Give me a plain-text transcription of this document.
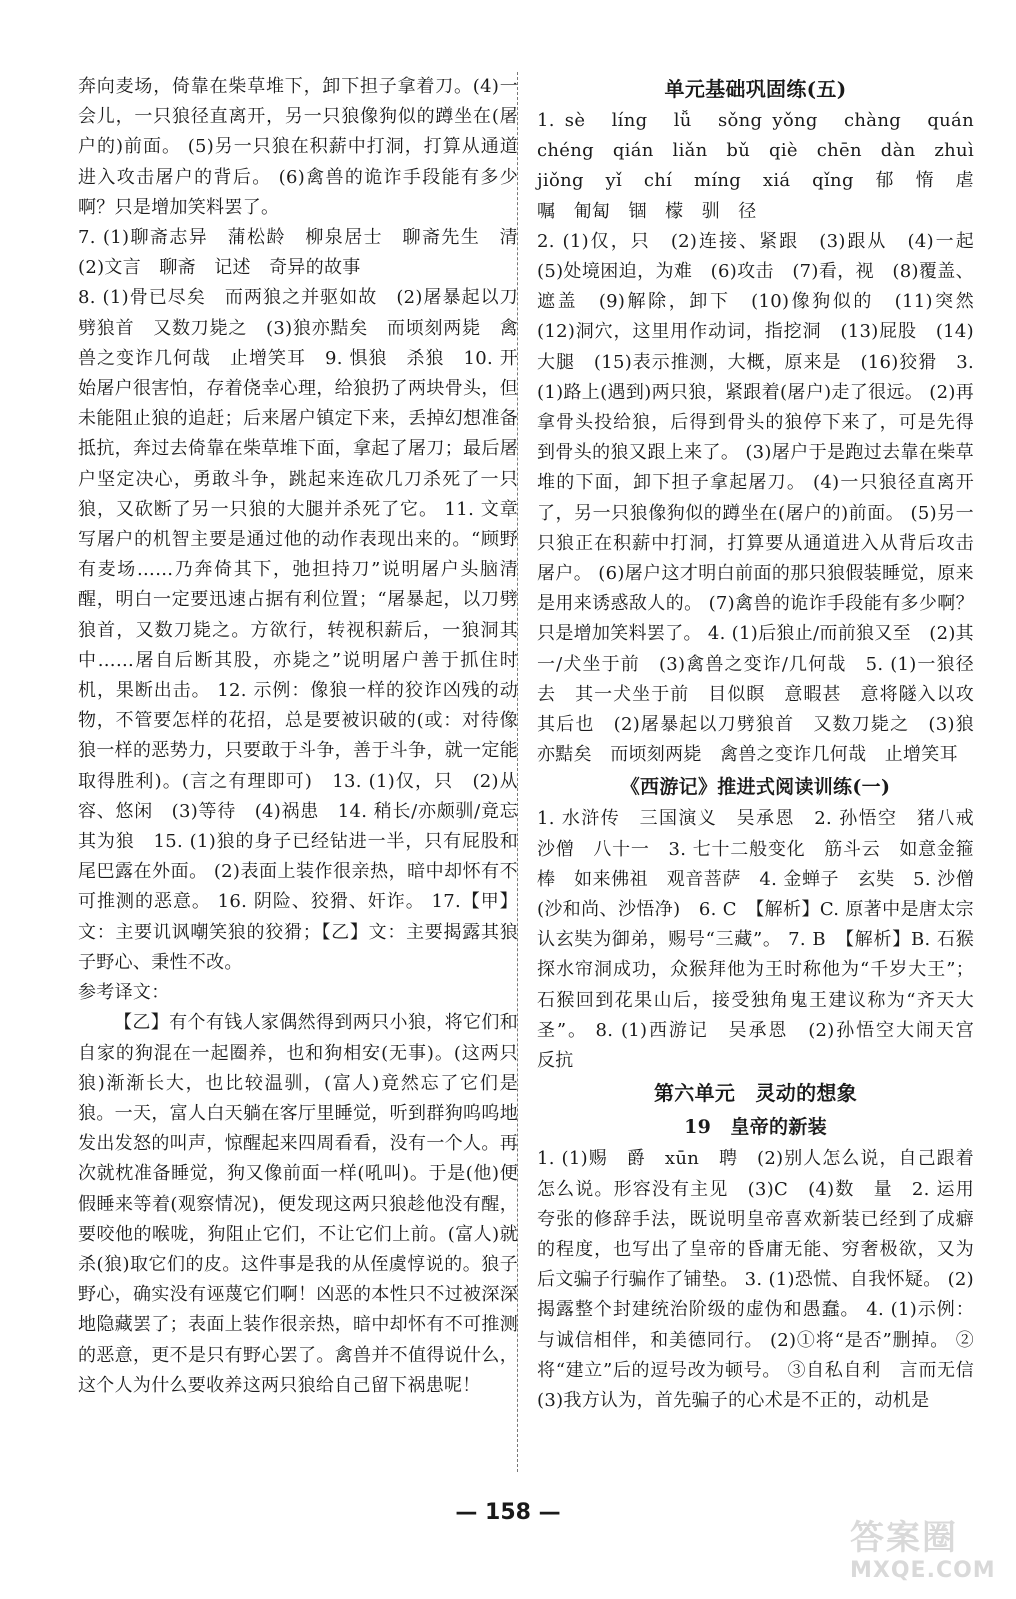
奔向麦场，倚靠在柴草堆下，卸下担子拿着刀。(4)一会儿，一只狼径直离开，另一只狼像狗似的蹲坐在(屠户的)前面。 (5)另一只狼在积薪中打洞，打算从通道进入攻击屠户的背后。 (6)禽兽的诡诈手段能有多少啊？只是增加笑料罢了。

7. (1)聊斋志异　蒲松龄　柳泉居士　聊斋先生　清　(2)文言　聊斋　记述　奇异的故事

8. (1)骨已尽矣　而两狼之并驱如故　(2)屠暴起以刀劈狼首　又数刀毙之　(3)狼亦黠矣　而顷刻两毙　禽兽之变诈几何哉　止增笑耳　9. 惧狼　杀狼　10. 开始屠户很害怕，存着侥幸心理，给狼扔了两块骨头，但未能阻止狼的追赶；后来屠户镇定下来，丢掉幻想准备抵抗，奔过去倚靠在柴草堆下面，拿起了屠刀；最后屠户坚定决心，勇敢斗争，跳起来连砍几刀杀死了一只狼，又砍断了另一只狼的大腿并杀死了它。 11. 文章写屠户的机智主要是通过他的动作表现出来的。“顾野有麦场……乃奔倚其下，弛担持刀”说明屠户头脑清醒，明白一定要迅速占据有利位置；“屠暴起，以刀劈狼首，又数刀毙之。方欲行，转视积薪后，一狼洞其中……屠自后断其股，亦毙之”说明屠户善于抓住时机，果断出击。 12. 示例：像狼一样的狡诈凶残的动物，不管要怎样的花招，总是要被识破的(或：对待像狼一样的恶势力，只要敢于斗争，善于斗争，就一定能取得胜利)。(言之有理即可)　13. (1)仅，只　(2)从容、悠闲　(3)等待　(4)祸患　14. 稍长/亦颇驯/竟忘其为狼　15. (1)狼的身子已经钻进一半，只有屁股和尾巴露在外面。 (2)表面上装作很亲热，暗中却怀有不可推测的恶意。 16. 阴险、狡猾、奸诈。 17.【甲】文：主要讥讽嘲笑狼的狡猾；【乙】文：主要揭露其狼子野心、秉性不改。

参考译文：

【乙】有个有钱人家偶然得到两只小狼，将它们和自家的狗混在一起圈养，也和狗相安(无事)。(这两只狼)渐渐长大，也比较温驯，(富人)竟然忘了它们是狼。一天，富人白天躺在客厅里睡觉，听到群狗呜呜地发出发怒的叫声，惊醒起来四周看看，没有一个人。再次就枕准备睡觉，狗又像前面一样(吼叫)。于是(他)便假睡来等着(观察情况)，便发现这两只狼趁他没有醒，要咬他的喉咙，狗阻止它们，不让它们上前。(富人)就杀(狼)取它们的皮。这件事是我的从侄虞惇说的。狼子野心，确实没有诬蔑它们啊！凶恶的本性只不过被深深地隐藏罢了；表面上装作很亲热，暗中却怀有不可推测的恶意，更不是只有野心罢了。禽兽并不值得说什么，这个人为什么要收养这两只狼给自己留下祸患呢！

单元基础巩固练(五)

1. sè　líng　lǚ　sǒng yǒng　chàng　quán　chéng　qián　liǎn　bǔ　qiè　chēn　dàn　zhuì　jiǒng　yǐ　chí　míng　xiá　qǐng　郁　惰　虐　嘱　匍匐　锢　檬　驯　径

2. (1)仅，只　(2)连接、紧跟　(3)跟从　(4)一起　(5)处境困迫，为难　(6)攻击　(7)看，视　(8)覆盖、遮盖　(9)解除，卸下　(10)像狗似的　(11)突然　(12)洞穴，这里用作动词，指挖洞　(13)屁股　(14)大腿　(15)表示推测，大概，原来是　(16)狡猾　3. (1)路上(遇到)两只狼，紧跟着(屠户)走了很远。 (2)再拿骨头投给狼，后得到骨头的狼停下来了，可是先得到骨头的狼又跟上来了。 (3)屠户于是跑过去靠在柴草堆的下面，卸下担子拿起屠刀。 (4)一只狼径直离开了，另一只狼像狗似的蹲坐在(屠户的)前面。 (5)另一只狼正在积薪中打洞，打算要从通道进入从背后攻击屠户。 (6)屠户这才明白前面的那只狼假装睡觉，原来是用来诱惑敌人的。 (7)禽兽的诡诈手段能有多少啊？只是增加笑料罢了。 4. (1)后狼止/而前狼又至　(2)其一/犬坐于前　(3)禽兽之变诈/几何哉　5. (1)一狼径去　其一犬坐于前　目似瞑　意暇甚　意将隧入以攻其后也　(2)屠暴起以刀劈狼首　又数刀毙之　(3)狼亦黠矣　而顷刻两毙　禽兽之变诈几何哉　止增笑耳

《西游记》推进式阅读训练(一)

1. 水浒传　三国演义　吴承恩　2. 孙悟空　猪八戒　沙僧　八十一　3. 七十二般变化　筋斗云　如意金箍棒　如来佛祖　观音菩萨　4. 金蝉子　玄奘　5. 沙僧(沙和尚、沙悟净)　6. C　【解析】C. 原著中是唐太宗认玄奘为御弟，赐号“三藏”。 7. B　【解析】B. 石猴探水帘洞成功，众猴拜他为王时称他为“千岁大王”；石猴回到花果山后，接受独角鬼王建议称为“齐天大圣”。 8. (1)西游记　吴承恩　(2)孙悟空大闹天宫　反抗

第六单元　灵动的想象

19　皇帝的新装

1. (1)赐　爵　xūn　聘　(2)别人怎么说，自己跟着怎么说。形容没有主见　(3)C　(4)数　量　2. 运用夸张的修辞手法，既说明皇帝喜欢新装已经到了成癖的程度，也写出了皇帝的昏庸无能、穷奢极欲，又为后文骗子行骗作了铺垫。 3. (1)恐慌、自我怀疑。 (2)揭露整个封建统治阶级的虚伪和愚蠢。 4. (1)示例：与诚信相伴，和美德同行。 (2)①将“是否”删掉。 ②将“建立”后的逗号改为顿号。 ③自私自利　言而无信　(3)我方认为，首先骗子的心术是不正的，动机是

— 158 —
答案圈
MXQE.COM
